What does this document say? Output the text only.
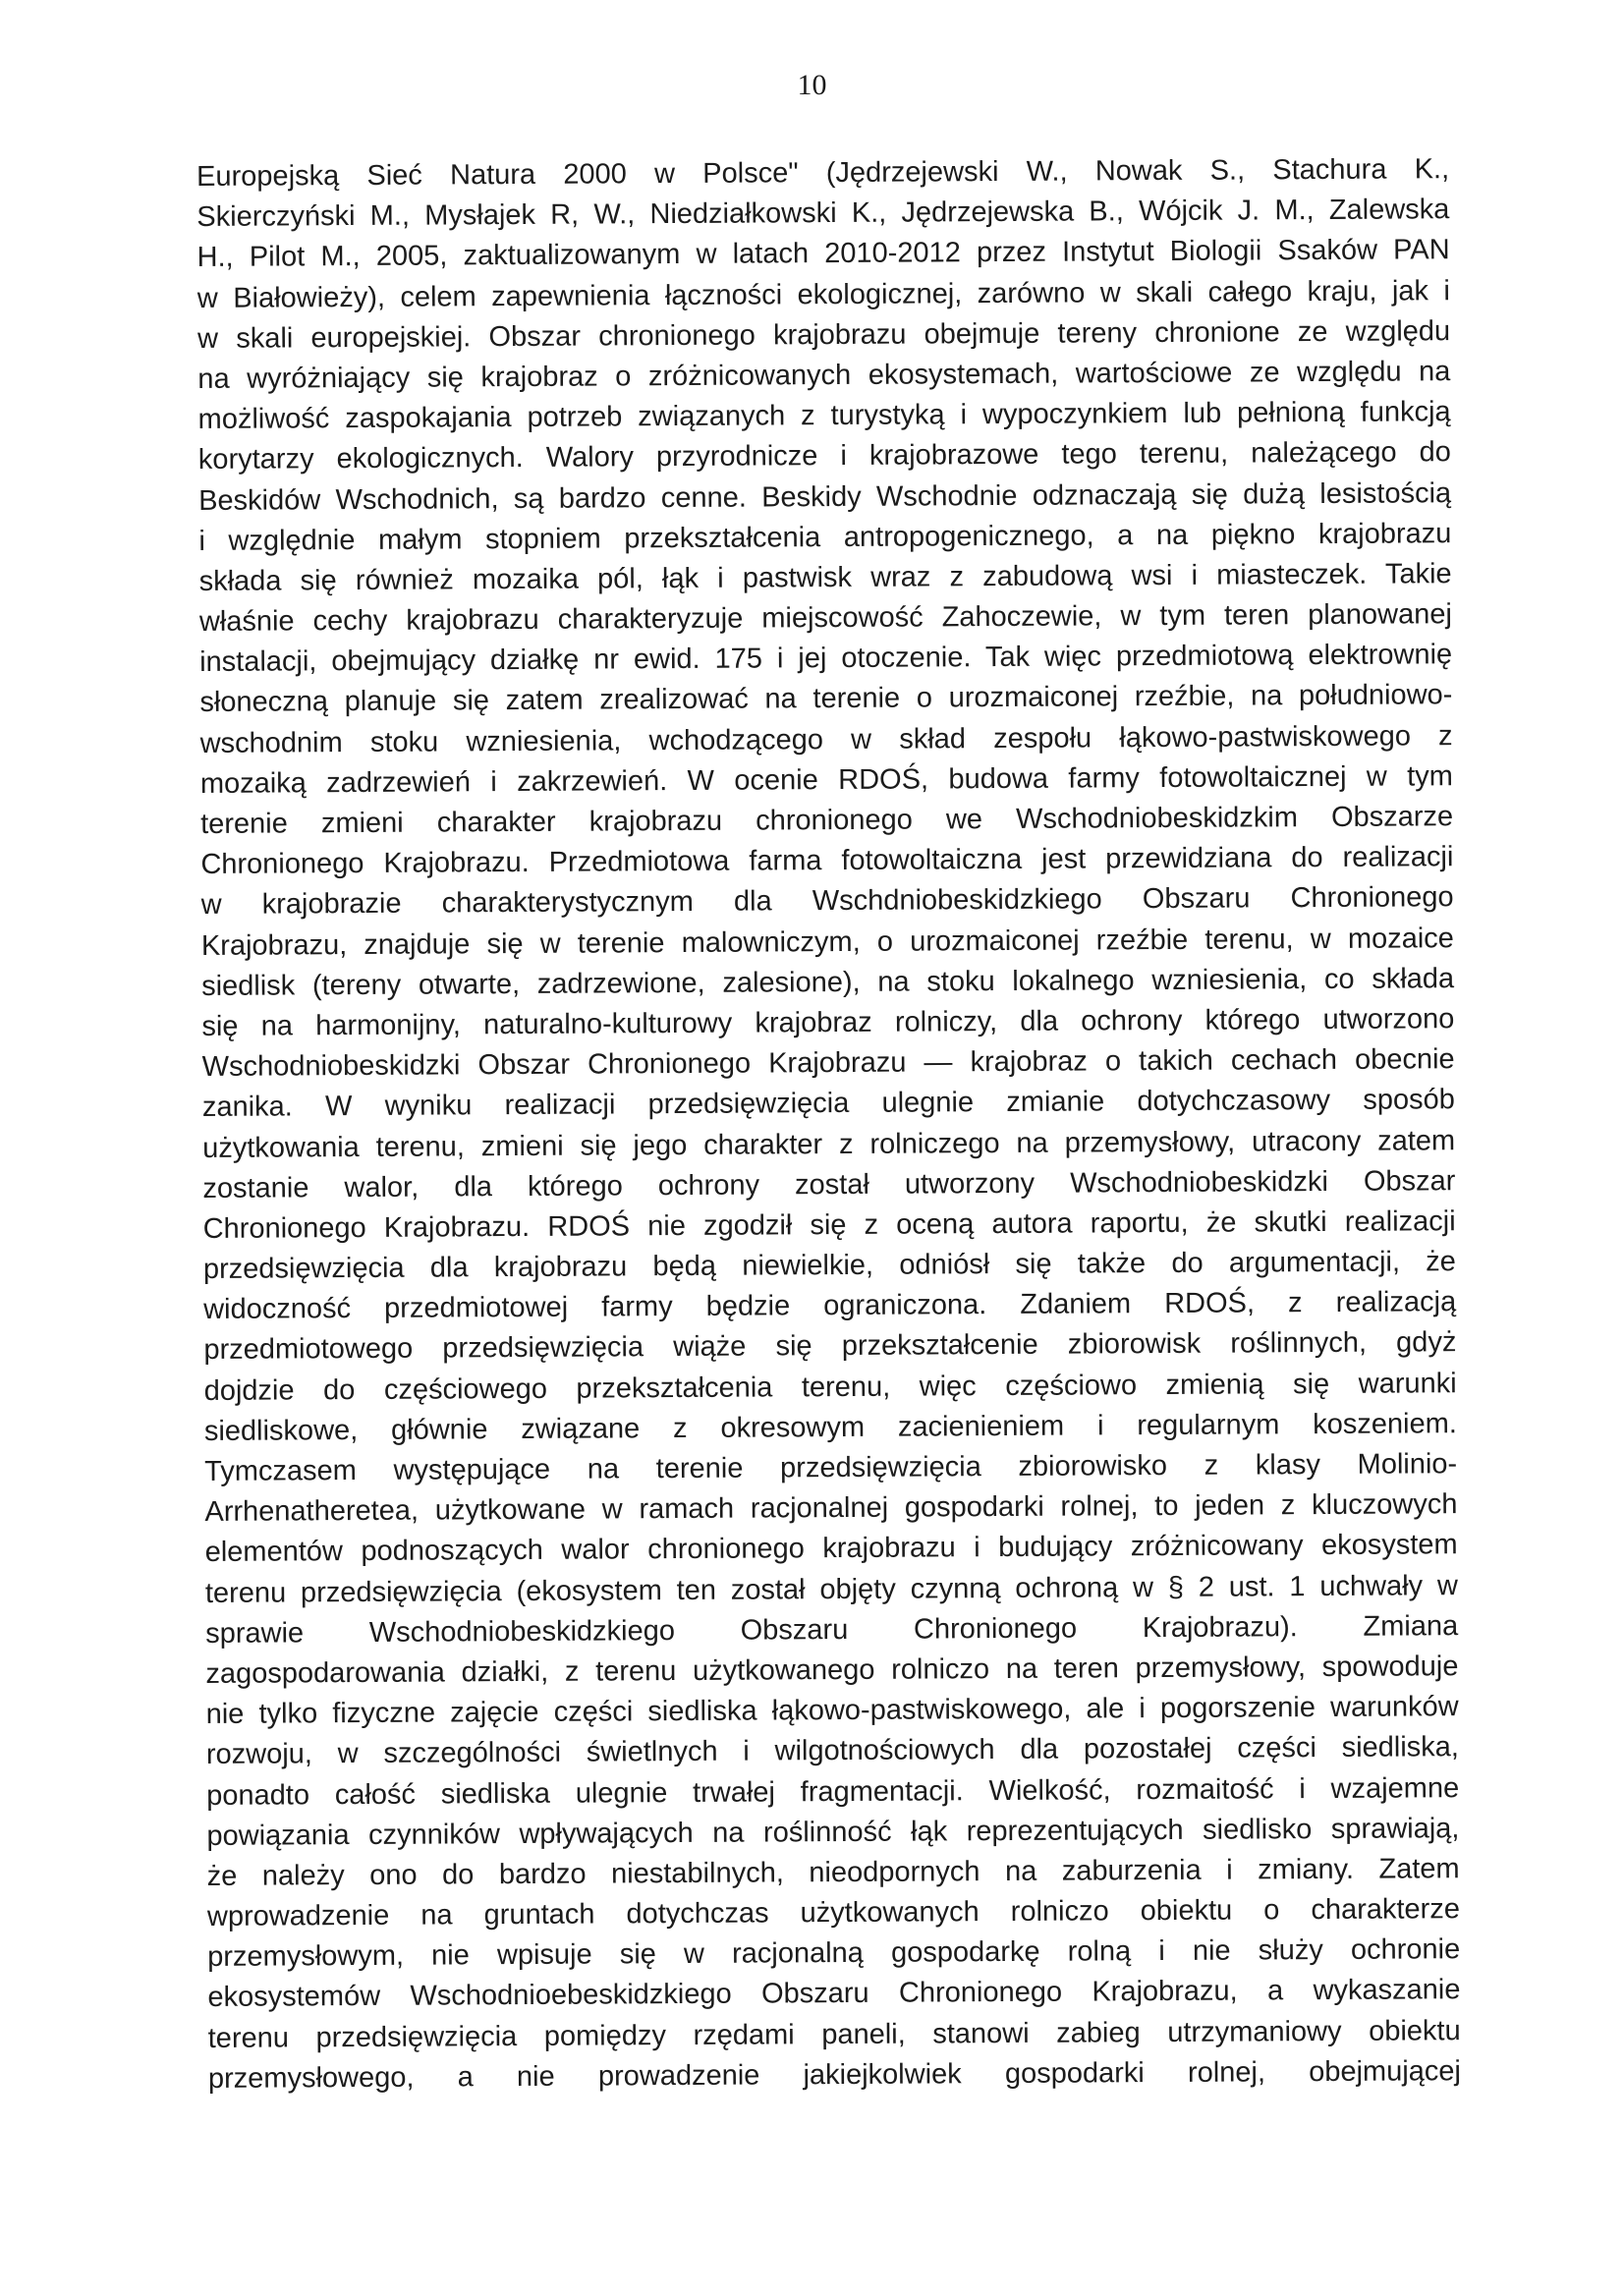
10
Europejską Sieć Natura 2000 w Polsce" (Jędrzejewski W., Nowak S., Stachura K.,
Skierczyński M., Mysłajek R, W., Niedziałkowski K., Jędrzejewska B., Wójcik J. M., Zalewska
H., Pilot M., 2005, zaktualizowanym w latach 2010-2012 przez Instytut Biologii Ssaków PAN
w Białowieży), celem zapewnienia łączności ekologicznej, zarówno w skali całego kraju, jak i
w skali europejskiej. Obszar chronionego krajobrazu obejmuje tereny chronione ze względu
na wyróżniający się krajobraz o zróżnicowanych ekosystemach, wartościowe ze względu na
możliwość zaspokajania potrzeb związanych z turystyką i wypoczynkiem lub pełnioną funkcją
korytarzy ekologicznych. Walory przyrodnicze i krajobrazowe tego terenu, należącego do
Beskidów Wschodnich, są bardzo cenne. Beskidy Wschodnie odznaczają się dużą lesistością
i względnie małym stopniem przekształcenia antropogenicznego, a na piękno krajobrazu
składa się również mozaika pól, łąk i pastwisk wraz z zabudową wsi i miasteczek. Takie
właśnie cechy krajobrazu charakteryzuje miejscowość Zahoczewie, w tym teren planowanej
instalacji, obejmujący działkę nr ewid. 175 i jej otoczenie. Tak więc przedmiotową elektrownię
słoneczną planuje się zatem zrealizować na terenie o urozmaiconej rzeźbie, na południowo-
wschodnim stoku wzniesienia, wchodzącego w skład zespołu łąkowo-pastwiskowego z
mozaiką zadrzewień i zakrzewień. W ocenie RDOŚ, budowa farmy fotowoltaicznej w tym
terenie zmieni charakter krajobrazu chronionego we Wschodniobeskidzkim Obszarze
Chronionego Krajobrazu. Przedmiotowa farma fotowoltaiczna jest przewidziana do realizacji
w krajobrazie charakterystycznym dla Wschdniobeskidzkiego Obszaru Chronionego
Krajobrazu, znajduje się w terenie malowniczym, o urozmaiconej rzeźbie terenu, w mozaice
siedlisk (tereny otwarte, zadrzewione, zalesione), na stoku lokalnego wzniesienia, co składa
się na harmonijny, naturalno-kulturowy krajobraz rolniczy, dla ochrony którego utworzono
Wschodniobeskidzki Obszar Chronionego Krajobrazu — krajobraz o takich cechach obecnie
zanika. W wyniku realizacji przedsięwzięcia ulegnie zmianie dotychczasowy sposób
użytkowania terenu, zmieni się jego charakter z rolniczego na przemysłowy, utracony zatem
zostanie walor, dla którego ochrony został utworzony Wschodniobeskidzki Obszar
Chronionego Krajobrazu. RDOŚ nie zgodził się z oceną autora raportu, że skutki realizacji
przedsięwzięcia dla krajobrazu będą niewielkie, odniósł się także do argumentacji, że
widoczność przedmiotowej farmy będzie ograniczona. Zdaniem RDOŚ, z realizacją
przedmiotowego przedsięwzięcia wiąże się przekształcenie zbiorowisk roślinnych, gdyż
dojdzie do częściowego przekształcenia terenu, więc częściowo zmienią się warunki
siedliskowe, głównie związane z okresowym zacienieniem i regularnym koszeniem.
Tymczasem występujące na terenie przedsięwzięcia zbiorowisko z klasy Molinio-
Arrhenatheretea, użytkowane w ramach racjonalnej gospodarki rolnej, to jeden z kluczowych
elementów podnoszących walor chronionego krajobrazu i budujący zróżnicowany ekosystem
terenu przedsięwzięcia (ekosystem ten został objęty czynną ochroną w § 2 ust. 1 uchwały w
sprawie Wschodniobeskidzkiego Obszaru Chronionego Krajobrazu). Zmiana
zagospodarowania działki, z terenu użytkowanego rolniczo na teren przemysłowy, spowoduje
nie tylko fizyczne zajęcie części siedliska łąkowo-pastwiskowego, ale i pogorszenie warunków
rozwoju, w szczególności świetlnych i wilgotnościowych dla pozostałej części siedliska,
ponadto całość siedliska ulegnie trwałej fragmentacji. Wielkość, rozmaitość i wzajemne
powiązania czynników wpływających na roślinność łąk reprezentujących siedlisko sprawiają,
że należy ono do bardzo niestabilnych, nieodpornych na zaburzenia i zmiany. Zatem
wprowadzenie na gruntach dotychczas użytkowanych rolniczo obiektu o charakterze
przemysłowym, nie wpisuje się w racjonalną gospodarkę rolną i nie służy ochronie
ekosystemów Wschodnioebeskidzkiego Obszaru Chronionego Krajobrazu, a wykaszanie
terenu przedsięwzięcia pomiędzy rzędami paneli, stanowi zabieg utrzymaniowy obiektu
przemysłowego, a nie prowadzenie jakiejkolwiek gospodarki rolnej, obejmującej
